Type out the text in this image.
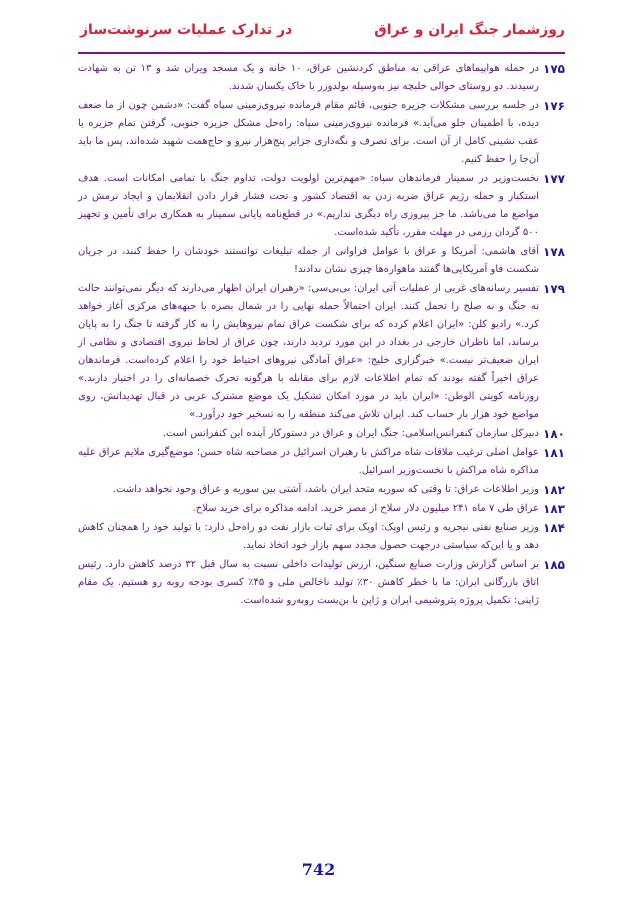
روزشمار جنگ ایران و عراق
در تدارک عملیات سرنوشت‌ساز
۱۷۵
در حمله هواپیماهای عراقی به مناطق کردنشین عراق، ۱۰ خانه و یک مسجد ویران شد و ۱۳ تن به شهادت رسیدند. دو روستای حوالی حلبچه نیز به‌وسیله بولدوزر با خاک یکسان شدند.
۱۷۶
در جلسه بررسی مشکلات جزیره جنوبی، قائم مقام فرمانده نیروی‌زمینی سپاه گفت: «دشمن چون از ما ضعف دیده، با اطمینان جلو می‌آید.» فرمانده نیروی‌زمینی سپاه: راه‌حل مشکل جزیره جنوبی، گرفتن تمام جزیره یا عقب نشینی کامل از آن است. برای تصرف و نگه‌داری جزایر پنج‌هزار نیرو و حاج‌همت شهید شده‌اند، پس ما باید آن‌جا را حفظ کنیم.
۱۷۷
نخست‌وزیر در سمینار فرماندهان سپاه: «مهم‌ترین اولویت دولت، تداوم جنگ با تمامی امکانات است. هدف استکبار و حمله رژیم عراق ضربه زدن به اقتصاد کشور و تحت فشار قرار دادن انقلابمان و ایجاد نرمش در مواضع ما می‌باشد. ما جز پیروزی راه دیگری نداریم.» در قطع‌نامه پایانی سمینار به همکاری برای تأمین و تجهیز ۵۰۰ گردان رزمی در مهلت مقرر، تأکید شده‌است.
۱۷۸
آقای هاشمی: آمریکا و عراق با عوامل فراوانی از جمله تبلیغات توانستند خودشان را حفظ کنند، در جریان شکست فاو آمریکایی‌ها گفتند ماهواره‌ها چیزی نشان ندادند!
۱۷۹
تفسیر رسانه‌های غربی از عملیات آتی ایران: بی‌بی‌سی: «رهبران ایران اظهار می‌دارند که دیگر نمی‌توانند حالت نه جنگ و نه صلح را تحمل کنند. ایران احتمالاً حمله نهایی را در شمال بصره با جبهه‌های مرکزی آغاز خواهد کرد.» رادیو کلن: «ایران اعلام کرده که برای شکست عراق تمام نیروهایش را به کار گرفته تا جنگ را به پایان برساند، اما ناظران خارجی در بغداد در این مورد تردید دارند، چون عراق از لحاظ نیروی اقتصادی و نظامی از ایران ضعیف‌تر نیست.» خبرگزاری خلیج: «عراق آمادگی نیروهای احتیاط خود را اعلام کرده‌است. فرماندهان عراق اخیراً گفته بودند که تمام اطلاعات لازم برای مقابله با هرگونه تحرک خصمانه‌ای را در اختیار دارند.» روزنامه کویتی الوطن: «ایران باید در مورد امکان تشکیل یک موضع مشترک عربی در قبال تهدیداتش، روی مواضع خود هزار بار حساب کند. ایران تلاش می‌کند منطقه را به تسخیر خود درآورد.»
۱۸۰
دبیرکل سازمان کنفرانس‌اسلامی: جنگ ایران و عراق در دستورکار آینده این کنفرانس است.
۱۸۱
عوامل اصلی ترغیب ملاقات شاه مراکش با رهبران اسرائیل در مصاحبه شاه حسن؛ موضع‌گیری ملایم عراق علیه مذاکره شاه مراکش با نخست‌وزیر اسرائیل.
۱۸۲
وزیر اطلاعات عراق: تا وقتی که سوریه متحد ایران باشد، آشتی بین سوریه و عراق وجود نخواهد داشت.
۱۸۳
عراق طی ۷ ماه ۲۴۱ میلیون دلار سلاح از مصر خرید. ادامه مذاکره برای خرید سلاح.
۱۸۴
وزیر صنایع نفتی نیجریه و رئیس اوپک: اوپک برای ثبات بازار نفت دو راه‌حل دارد: یا تولید خود را همچنان کاهش دهد و یا این‌که سیاستی درجهت حصول مجدد سهم بازار خود اتخاذ نماید.
۱۸۵
بر اساس گزارش وزارت صنایع سنگین، ارزش تولیدات داخلی نسبت به سال قبل ۳۲ درصد کاهش دارد. رئیس اتاق بازرگانی ایران: ما با خطر کاهش ۳۰٪ تولید ناخالص ملی و ۴۵٪ کسری بودجه روبه رو هستیم. یک مقام ژاپنی: تکمیل پروژه پتروشیمی ایران و ژاپن با بن‌بست روبه‌رو شده‌است.
742
